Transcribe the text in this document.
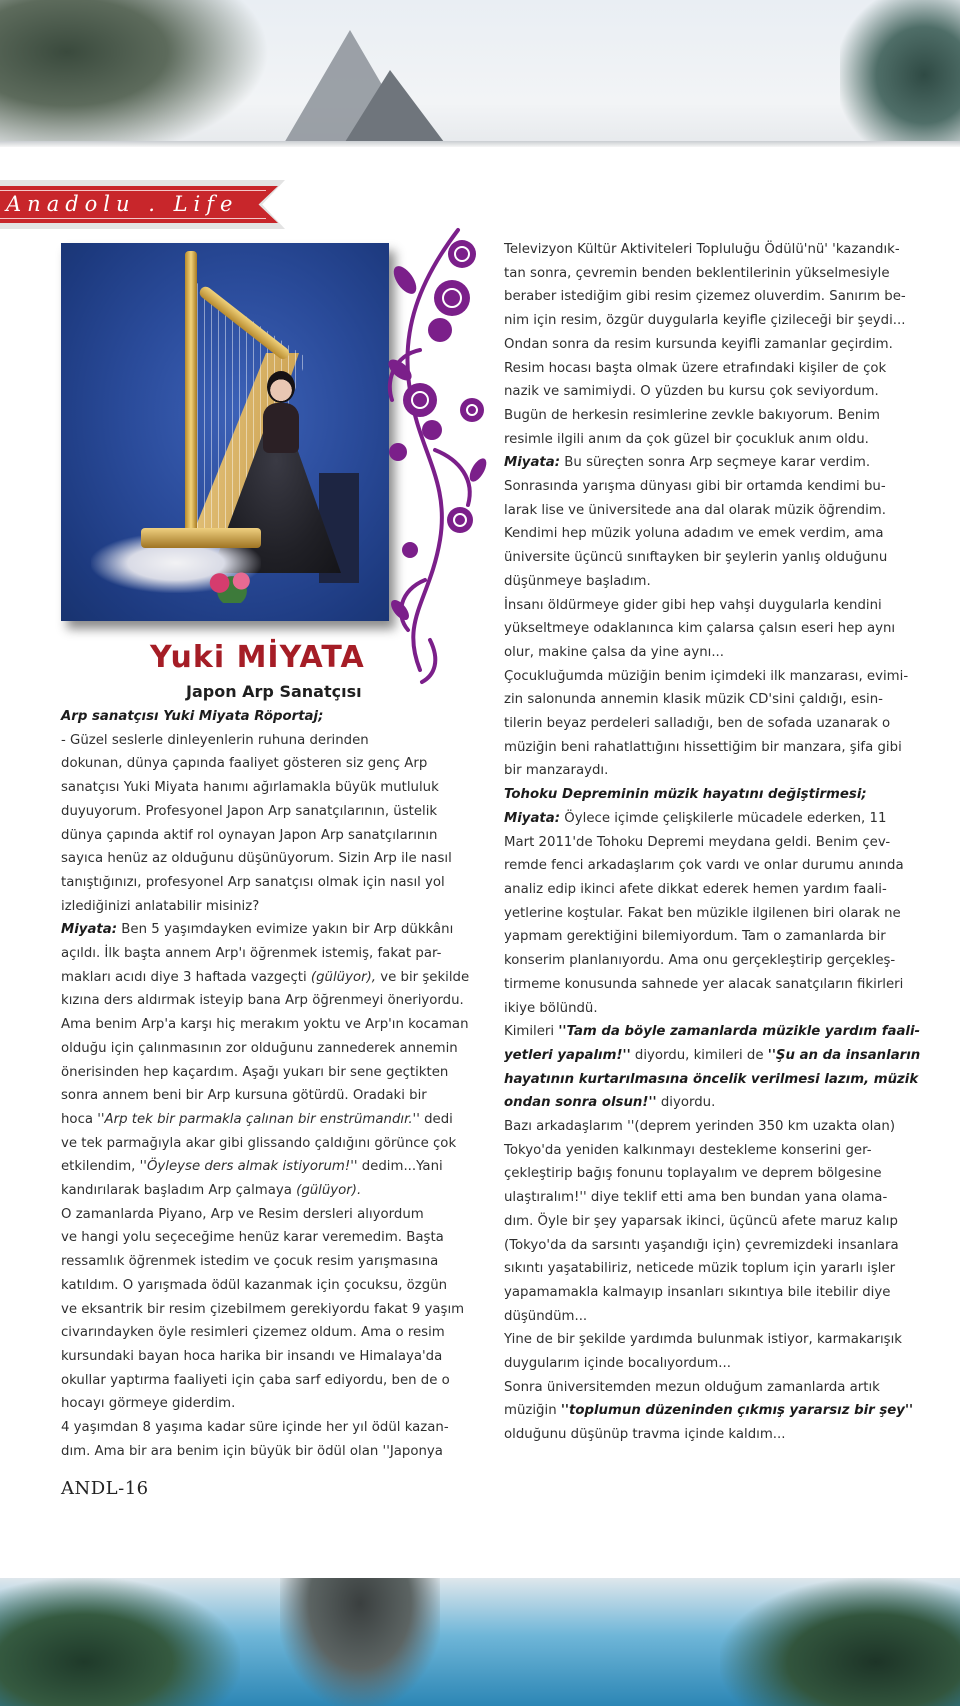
Anadolu . Life
Yuki MİYATA
Japon Arp Sanatçısı

Arp sanatçısı Yuki Miyata Röportaj;

- Güzel seslerle dinleyenlerin ruhuna derinden

dokunan, dünya çapında faaliyet gösteren siz genç Arp

sanatçısı Yuki Miyata hanımı ağırlamakla büyük mutluluk

duyuyorum. Profesyonel Japon Arp sanatçılarının, üstelik

dünya çapında aktif rol oynayan Japon Arp sanatçılarının

sayıca henüz az olduğunu düşünüyorum. Sizin Arp ile nasıl

tanıştığınızı, profesyonel Arp sanatçısı olmak için nasıl yol

izlediğinizi anlatabilir misiniz?

Miyata: Ben 5 yaşımdayken evimize yakın bir Arp dükkânı

açıldı. İlk başta annem Arp'ı öğrenmek istemiş, fakat par-

makları acıdı diye 3 haftada vazgeçti (gülüyor), ve bir şekilde

kızına ders aldırmak isteyip bana Arp öğrenmeyi öneriyordu.

Ama benim Arp'a karşı hiç merakım yoktu ve Arp'ın kocaman

olduğu için çalınmasının zor olduğunu zannederek annemin

önerisinden hep kaçardım. Aşağı yukarı bir sene geçtikten

sonra annem beni bir Arp kursuna götürdü. Oradaki bir

hoca ''Arp tek bir parmakla çalınan bir enstrümandır.'' dedi

ve tek parmağıyla akar gibi glissando çaldığını görünce çok

etkilendim, ''Öyleyse ders almak istiyorum!'' dedim...Yani

kandırılarak başladım Arp çalmaya (gülüyor).

O zamanlarda Piyano, Arp ve Resim dersleri alıyordum

ve hangi yolu seçeceğime henüz karar veremedim. Başta

ressamlık öğrenmek istedim ve çocuk resim yarışmasına

katıldım. O yarışmada ödül kazanmak için çocuksu, özgün

ve eksantrik bir resim çizebilmem gerekiyordu fakat 9 yaşım

civarındayken öyle resimleri çizemez oldum. Ama o resim

kursundaki bayan hoca harika bir insandı ve Himalaya'da

okullar yaptırma faaliyeti için çaba sarf ediyordu, ben de o

hocayı görmeye giderdim.

4 yaşımdan 8 yaşıma kadar süre içinde her yıl ödül kazan-

dım. Ama bir ara benim için büyük bir ödül olan ''Japonya

Televizyon Kültür Aktiviteleri Topluluğu Ödülü'nü' 'kazandık-

tan sonra, çevremin benden beklentilerinin yükselmesiyle

beraber istediğim gibi resim çizemez oluverdim. Sanırım be-

nim için resim, özgür duygularla keyifle çizileceği bir şeydi...

Ondan sonra da resim kursunda keyifli zamanlar geçirdim.

Resim hocası başta olmak üzere etrafındaki kişiler de çok

nazik ve samimiydi. O yüzden bu kursu çok seviyordum.

Bugün de herkesin resimlerine zevkle bakıyorum. Benim

resimle ilgili anım da çok güzel bir çocukluk anım oldu.

Miyata: Bu süreçten sonra Arp seçmeye karar verdim.

Sonrasında yarışma dünyası gibi bir ortamda kendimi bu-

larak lise ve üniversitede ana dal olarak müzik öğrendim.

Kendimi hep müzik yoluna adadım ve emek verdim, ama

üniversite üçüncü sınıftayken bir şeylerin yanlış olduğunu

düşünmeye başladım.

İnsanı öldürmeye gider gibi hep vahşi duygularla kendini

yükseltmeye odaklanınca kim çalarsa çalsın eseri hep aynı

olur, makine çalsa da yine aynı...

Çocukluğumda müziğin benim içimdeki ilk manzarası, evimi-

zin salonunda annemin klasik müzik CD'sini çaldığı, esin-

tilerin beyaz perdeleri salladığı, ben de sofada uzanarak o

müziğin beni rahatlattığını hissettiğim bir manzara, şifa gibi

bir manzaraydı.

Tohoku Depreminin müzik hayatını değiştirmesi;

Miyata: Öylece içimde çelişkilerle mücadele ederken, 11

Mart 2011'de Tohoku Depremi meydana geldi. Benim çev-

remde fenci arkadaşlarım çok vardı ve onlar durumu anında

analiz edip ikinci afete dikkat ederek hemen yardım faali-

yetlerine koştular. Fakat ben müzikle ilgilenen biri olarak ne

yapmam gerektiğini bilemiyordum. Tam o zamanlarda bir

konserim planlanıyordu. Ama onu gerçekleştirip gerçekleş-

tirmeme konusunda sahnede yer alacak sanatçıların fikirleri

ikiye bölündü.

Kimileri ''Tam da böyle zamanlarda müzikle yardım faali-

yetleri yapalım!'' diyordu, kimileri de ''Şu an da insanların

hayatının kurtarılmasına öncelik verilmesi lazım, müzik

ondan sonra olsun!'' diyordu.

Bazı arkadaşlarım ''(deprem yerinden 350 km uzakta olan)

Tokyo'da yeniden kalkınmayı destekleme konserini ger-

çekleştirip bağış fonunu toplayalım ve deprem bölgesine

ulaştıralım!'' diye teklif etti ama ben bundan yana olama-

dım. Öyle bir şey yaparsak ikinci, üçüncü afete maruz kalıp

(Tokyo'da da sarsıntı yaşandığı için) çevremizdeki insanlara

sıkıntı yaşatabiliriz, neticede müzik toplum için yararlı işler

yapamamakla kalmayıp insanları sıkıntıya bile itebilir diye

düşündüm...

Yine de bir şekilde yardımda bulunmak istiyor, karmakarışık

duygularım içinde bocalıyordum...

Sonra üniversitemden mezun olduğum zamanlarda artık

müziğin ''toplumun düzeninden çıkmış yararsız bir şey''

olduğunu düşünüp travma içinde kaldım...

ANDL-16
